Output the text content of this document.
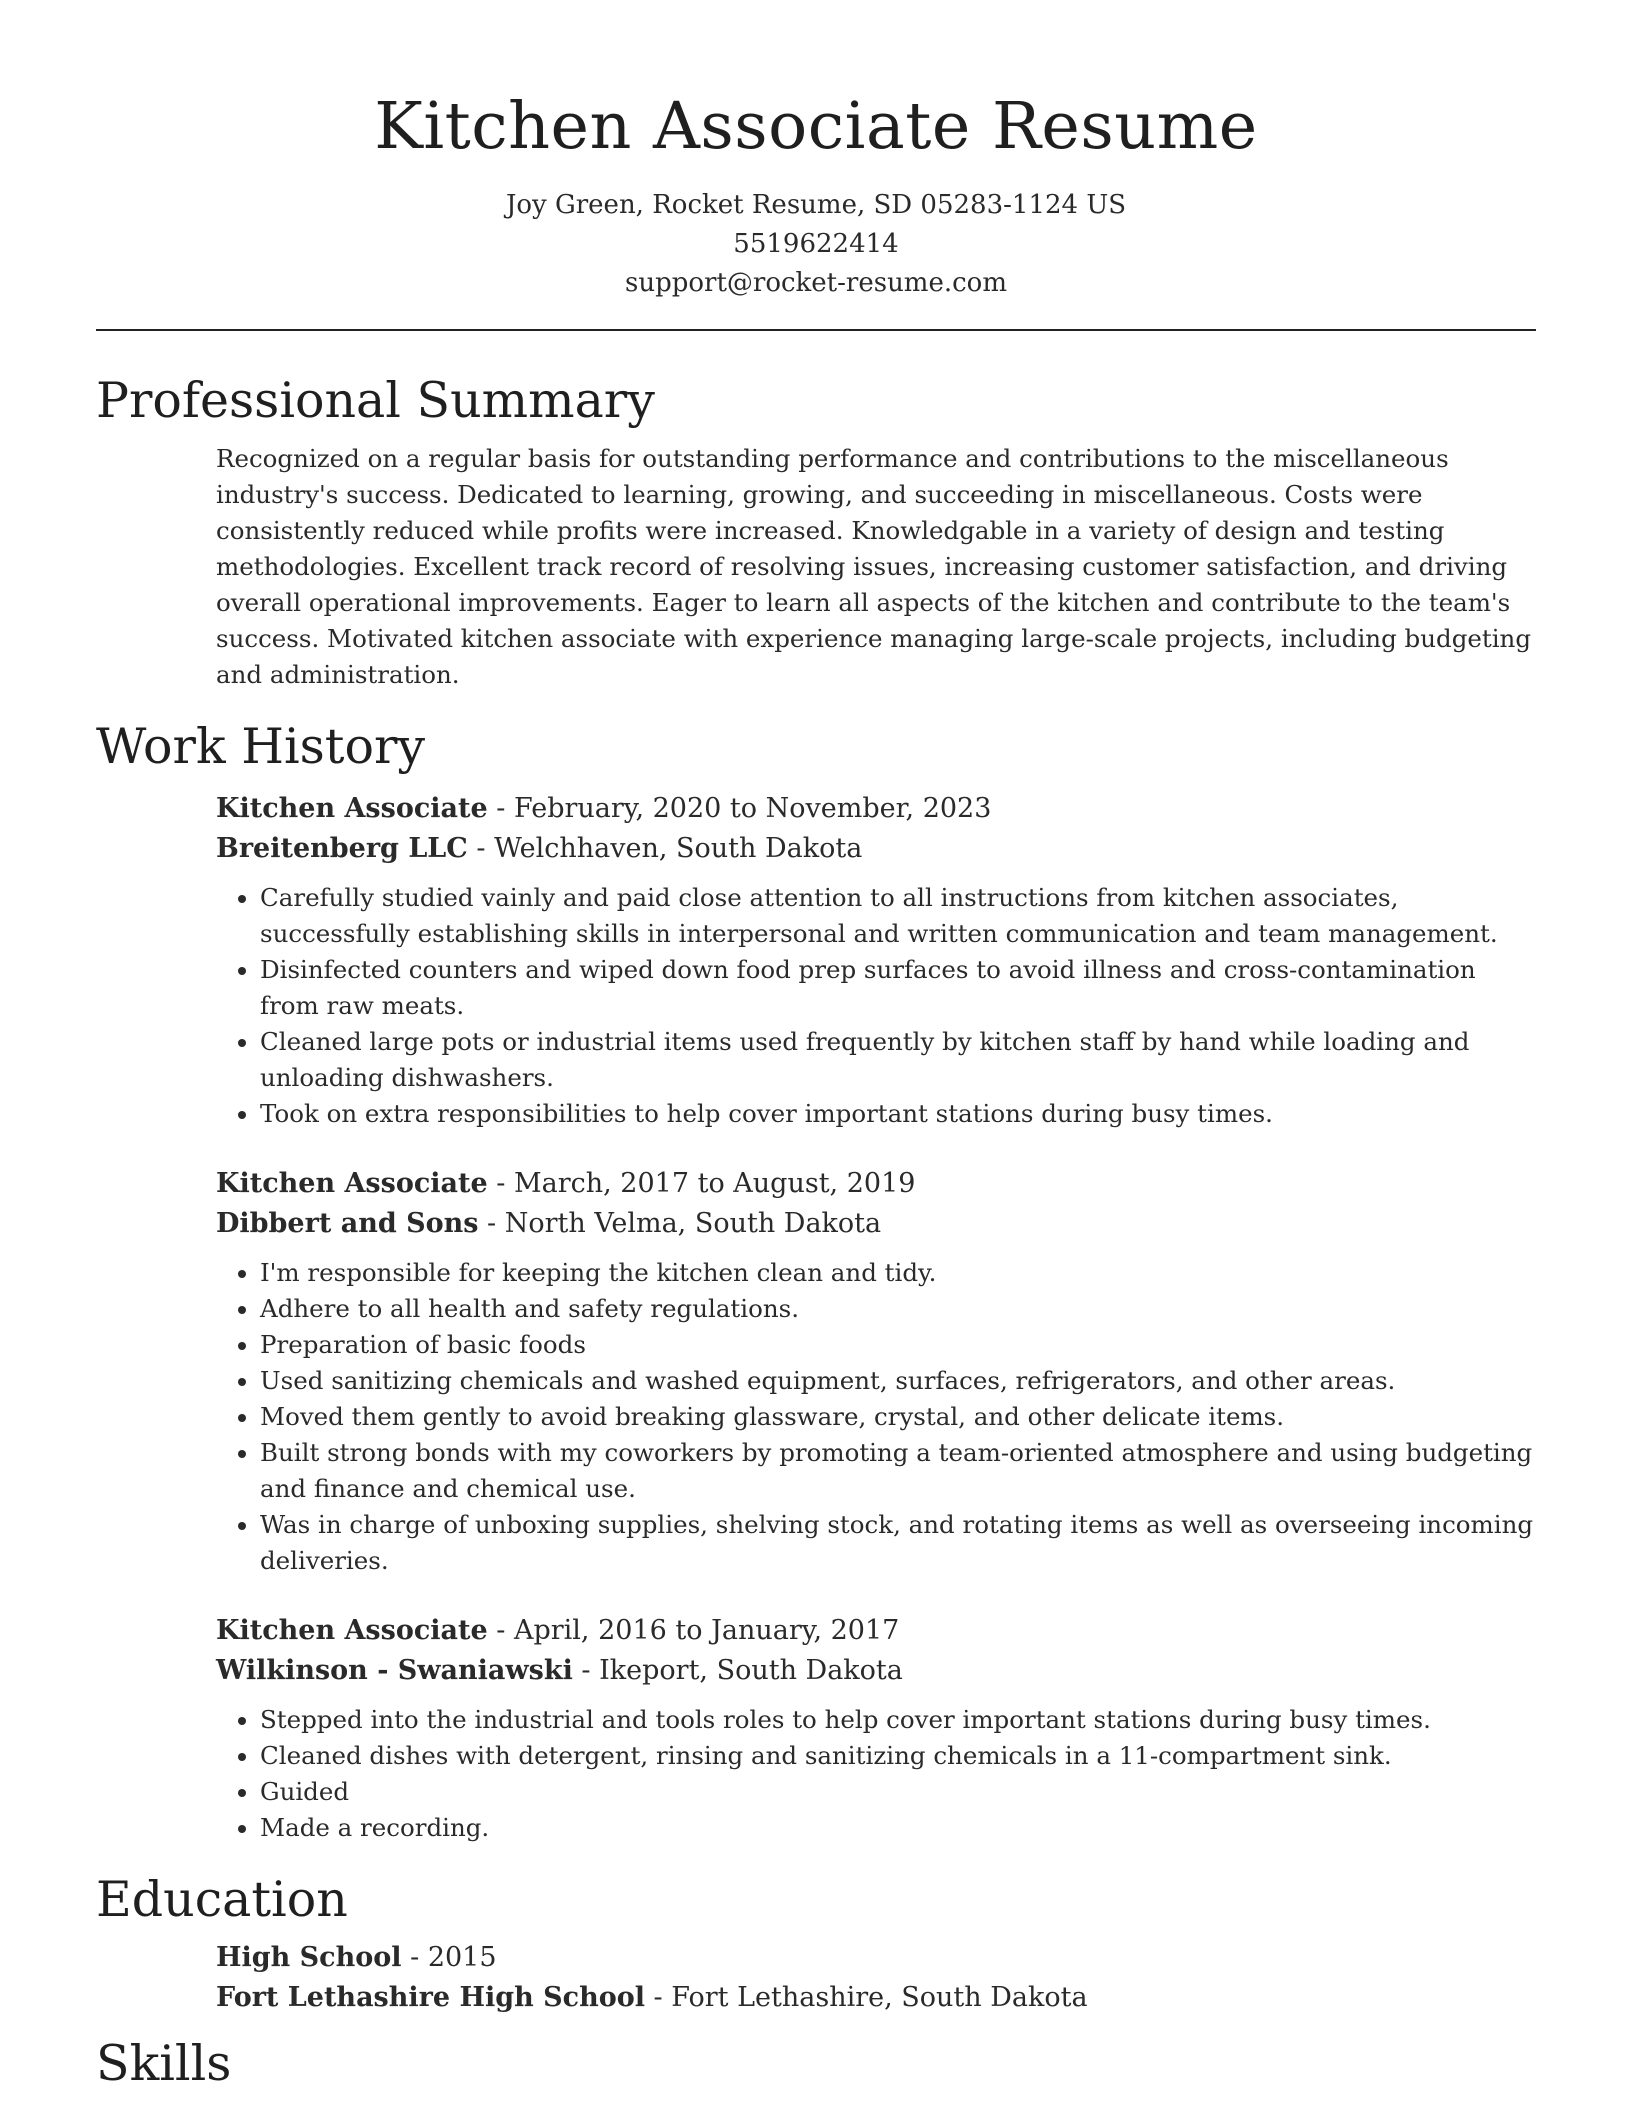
Kitchen Associate Resume
Joy Green, Rocket Resume, SD 05283-1124 US
5519622414
support@rocket-resume.com
Professional Summary

Recognized on a regular basis for outstanding performance and contributions to the miscellaneous industry's success. Dedicated to learning, growing, and succeeding in miscellaneous. Costs were consistently reduced while profits were increased. Knowledgable in a variety of design and testing methodologies. Excellent track record of resolving issues, increasing customer satisfaction, and driving overall operational improvements. Eager to learn all aspects of the kitchen and contribute to the team's success. Motivated kitchen associate with experience managing large-scale projects, including budgeting and administration.

Work History
Kitchen Associate - February, 2020 to November, 2023
Breitenberg LLC - Welchhaven, South Dakota
• Carefully studied vainly and paid close attention to all instructions from kitchen associates, successfully establishing skills in interpersonal and written communication and team management.
• Disinfected counters and wiped down food prep surfaces to avoid illness and cross-contamination from raw meats.
• Cleaned large pots or industrial items used frequently by kitchen staff by hand while loading and unloading dishwashers.
• Took on extra responsibilities to help cover important stations during busy times.
Kitchen Associate - March, 2017 to August, 2019
Dibbert and Sons - North Velma, South Dakota
• I'm responsible for keeping the kitchen clean and tidy.
• Adhere to all health and safety regulations.
• Preparation of basic foods
• Used sanitizing chemicals and washed equipment, surfaces, refrigerators, and other areas.
• Moved them gently to avoid breaking glassware, crystal, and other delicate items.
• Built strong bonds with my coworkers by promoting a team-oriented atmosphere and using budgeting and finance and chemical use.
• Was in charge of unboxing supplies, shelving stock, and rotating items as well as overseeing incoming deliveries.
Kitchen Associate - April, 2016 to January, 2017
Wilkinson - Swaniawski - Ikeport, South Dakota
• Stepped into the industrial and tools roles to help cover important stations during busy times.
• Cleaned dishes with detergent, rinsing and sanitizing chemicals in a 11-compartment sink.
• Guided
• Made a recording.
Education
High School - 2015
Fort Lethashire High School - Fort Lethashire, South Dakota
Skills
